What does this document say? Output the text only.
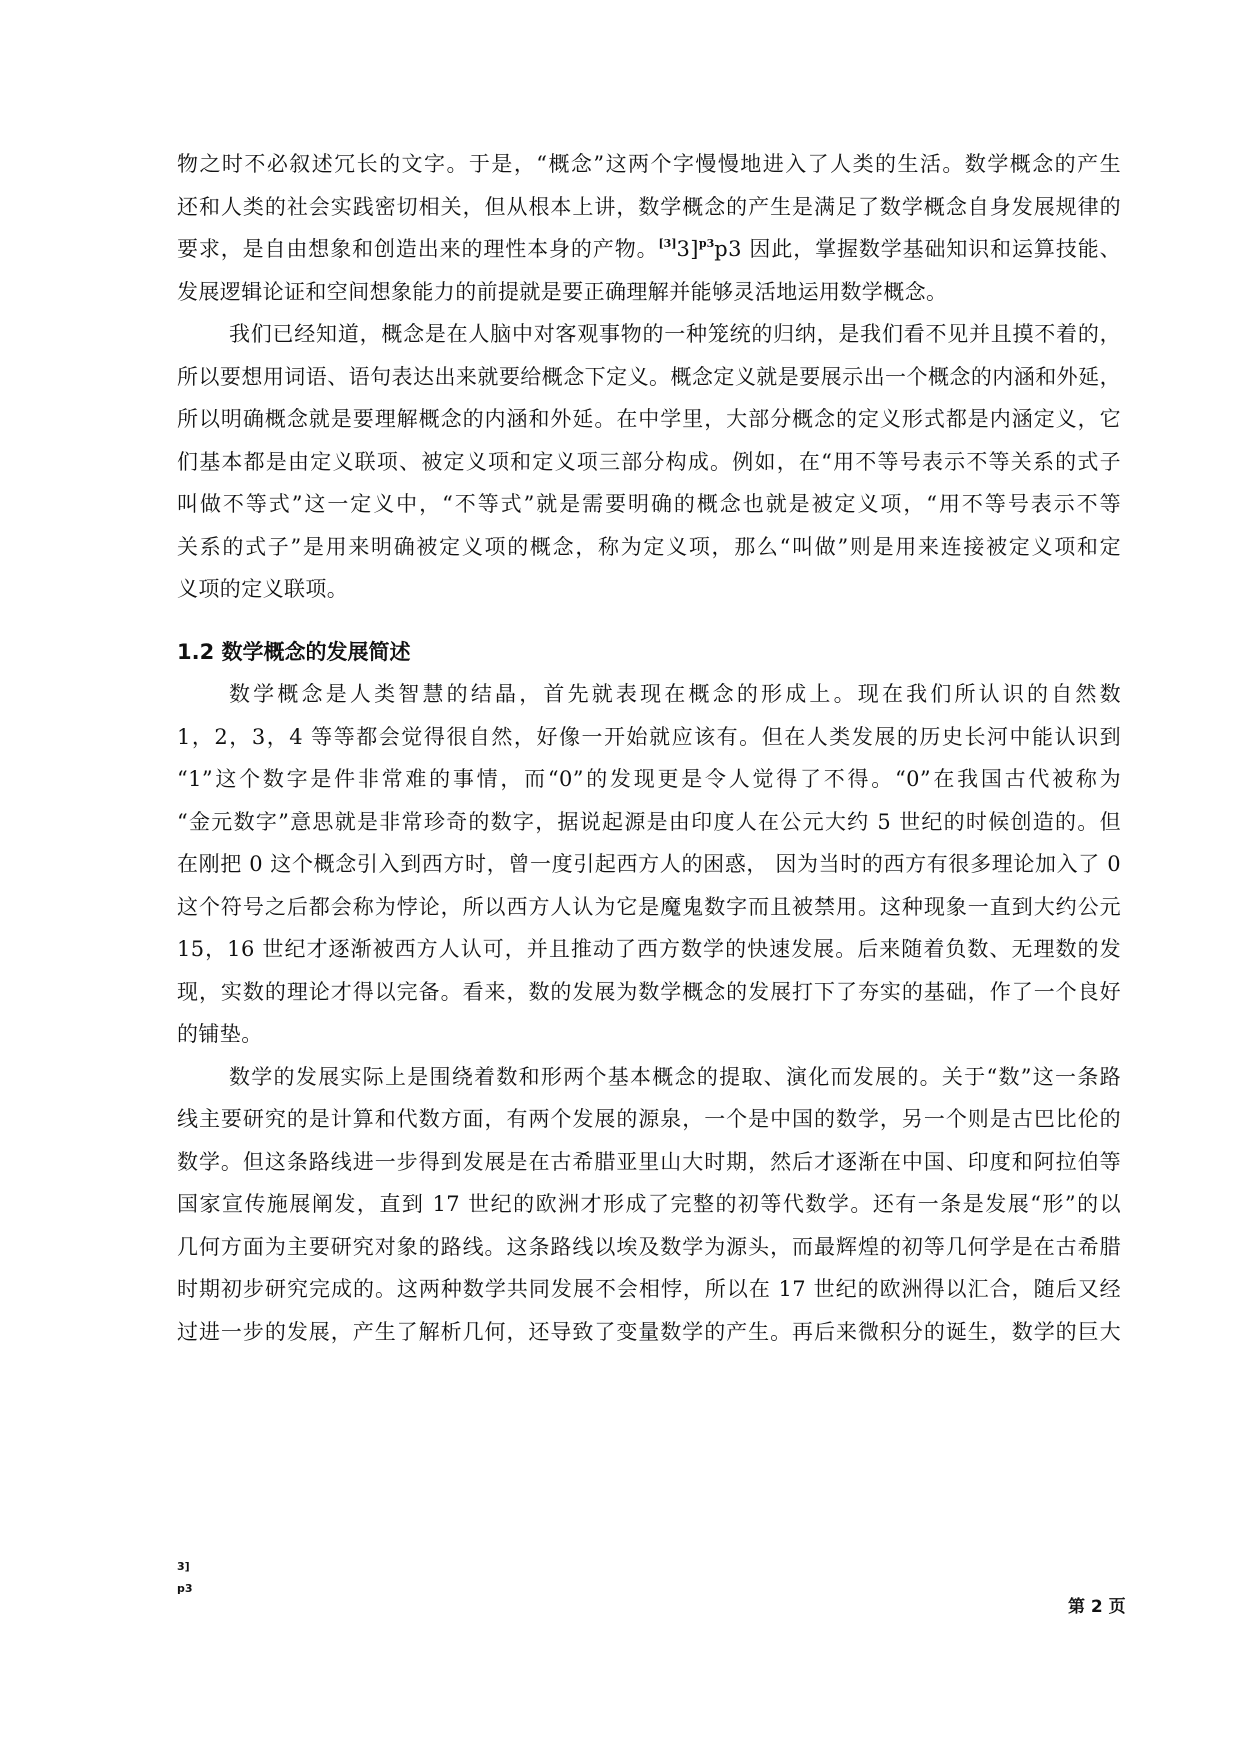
物之时不必叙述冗长的文字。于是，“概念”这两个字慢慢地进入了人类的生活。数学概念的产生
还和人类的社会实践密切相关，但从根本上讲，数学概念的产生是满足了数学概念自身发展规律的
要求，是自由想象和创造出来的理性本身的产物。[3]3]$^{p3}$p3 因此，掌握数学基础知识和运算技能、
发展逻辑论证和空间想象能力的前提就是要正确理解并能够灵活地运用数学概念。
我们已经知道，概念是在人脑中对客观事物的一种笼统的归纳，是我们看不见并且摸不着的，
所以要想用词语、语句表达出来就要给概念下定义。概念定义就是要展示出一个概念的内涵和外延，
所以明确概念就是要理解概念的内涵和外延。在中学里，大部分概念的定义形式都是内涵定义，它
们基本都是由定义联项、被定义项和定义项三部分构成。例如，在“用不等号表示不等关系的式子
叫做不等式”这一定义中，“不等式”就是需要明确的概念也就是被定义项，“用不等号表示不等
关系的式子”是用来明确被定义项的概念，称为定义项，那么“叫做”则是用来连接被定义项和定
义项的定义联项。
1.2 数学概念的发展简述
数学概念是人类智慧的结晶，首先就表现在概念的形成上。现在我们所认识的自然数
1，2，3，4 等等都会觉得很自然，好像一开始就应该有。但在人类发展的历史长河中能认识到
“1”这个数字是件非常难的事情，而“0”的发现更是令人觉得了不得。“0”在我国古代被称为
“金元数字”意思就是非常珍奇的数字，据说起源是由印度人在公元大约 5 世纪的时候创造的。但
在刚把 0 这个概念引入到西方时，曾一度引起西方人的困惑， 因为当时的西方有很多理论加入了 0
这个符号之后都会称为悖论，所以西方人认为它是魔鬼数字而且被禁用。这种现象一直到大约公元
15，16 世纪才逐渐被西方人认可，并且推动了西方数学的快速发展。后来随着负数、无理数的发
现，实数的理论才得以完备。看来，数的发展为数学概念的发展打下了夯实的基础，作了一个良好
的铺垫。
数学的发展实际上是围绕着数和形两个基本概念的提取、演化而发展的。关于“数”这一条路
线主要研究的是计算和代数方面，有两个发展的源泉，一个是中国的数学，另一个则是古巴比伦的
数学。但这条路线进一步得到发展是在古希腊亚里山大时期，然后才逐渐在中国、印度和阿拉伯等
国家宣传施展阐发，直到 17 世纪的欧洲才形成了完整的初等代数学。还有一条是发展“形”的以
几何方面为主要研究对象的路线。这条路线以埃及数学为源头，而最辉煌的初等几何学是在古希腊
时期初步研究完成的。这两种数学共同发展不会相悖，所以在 17 世纪的欧洲得以汇合，随后又经
过进一步的发展，产生了解析几何，还导致了变量数学的产生。再后来微积分的诞生，数学的巨大
3]
p3
第 2 页
